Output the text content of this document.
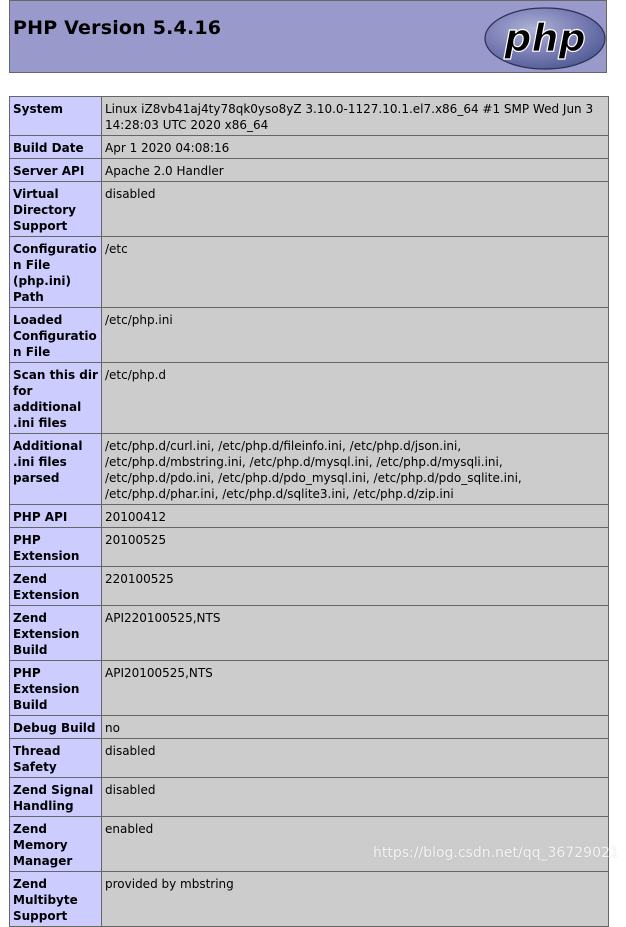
PHP Version 5.4.16	php
System	Linux iZ8vb41aj4ty78qk0yso8yZ 3.10.0-1127.10.1.el7.x86_64 #1 SMP Wed Jun 3 14:28:03 UTC 2020 x86_64
Build Date	Apr 1 2020 04:08:16
Server API	Apache 2.0 Handler
Virtual Directory Support	disabled
Configuration File (php.ini) Path	/etc
Loaded Configuration File	/etc/php.ini
Scan this dir for additional .ini files	/etc/php.d
Additional .ini files parsed	/etc/php.d/curl.ini, /etc/php.d/fileinfo.ini, /etc/php.d/json.ini, /etc/php.d/mbstring.ini, /etc/php.d/mysql.ini, /etc/php.d/mysqli.ini, /etc/php.d/pdo.ini, /etc/php.d/pdo_mysql.ini, /etc/php.d/pdo_sqlite.ini, /etc/php.d/phar.ini, /etc/php.d/sqlite3.ini, /etc/php.d/zip.ini
PHP API	20100412
PHP Extension	20100525
Zend Extension	220100525
Zend Extension Build	API220100525,NTS
PHP Extension Build	API20100525,NTS
Debug Build	no
Thread Safety	disabled
Zend Signal Handling	disabled
Zend Memory Manager	enabled
Zend Multibyte Support	provided by mbstring
https://blog.csdn.net/qq_36729021
